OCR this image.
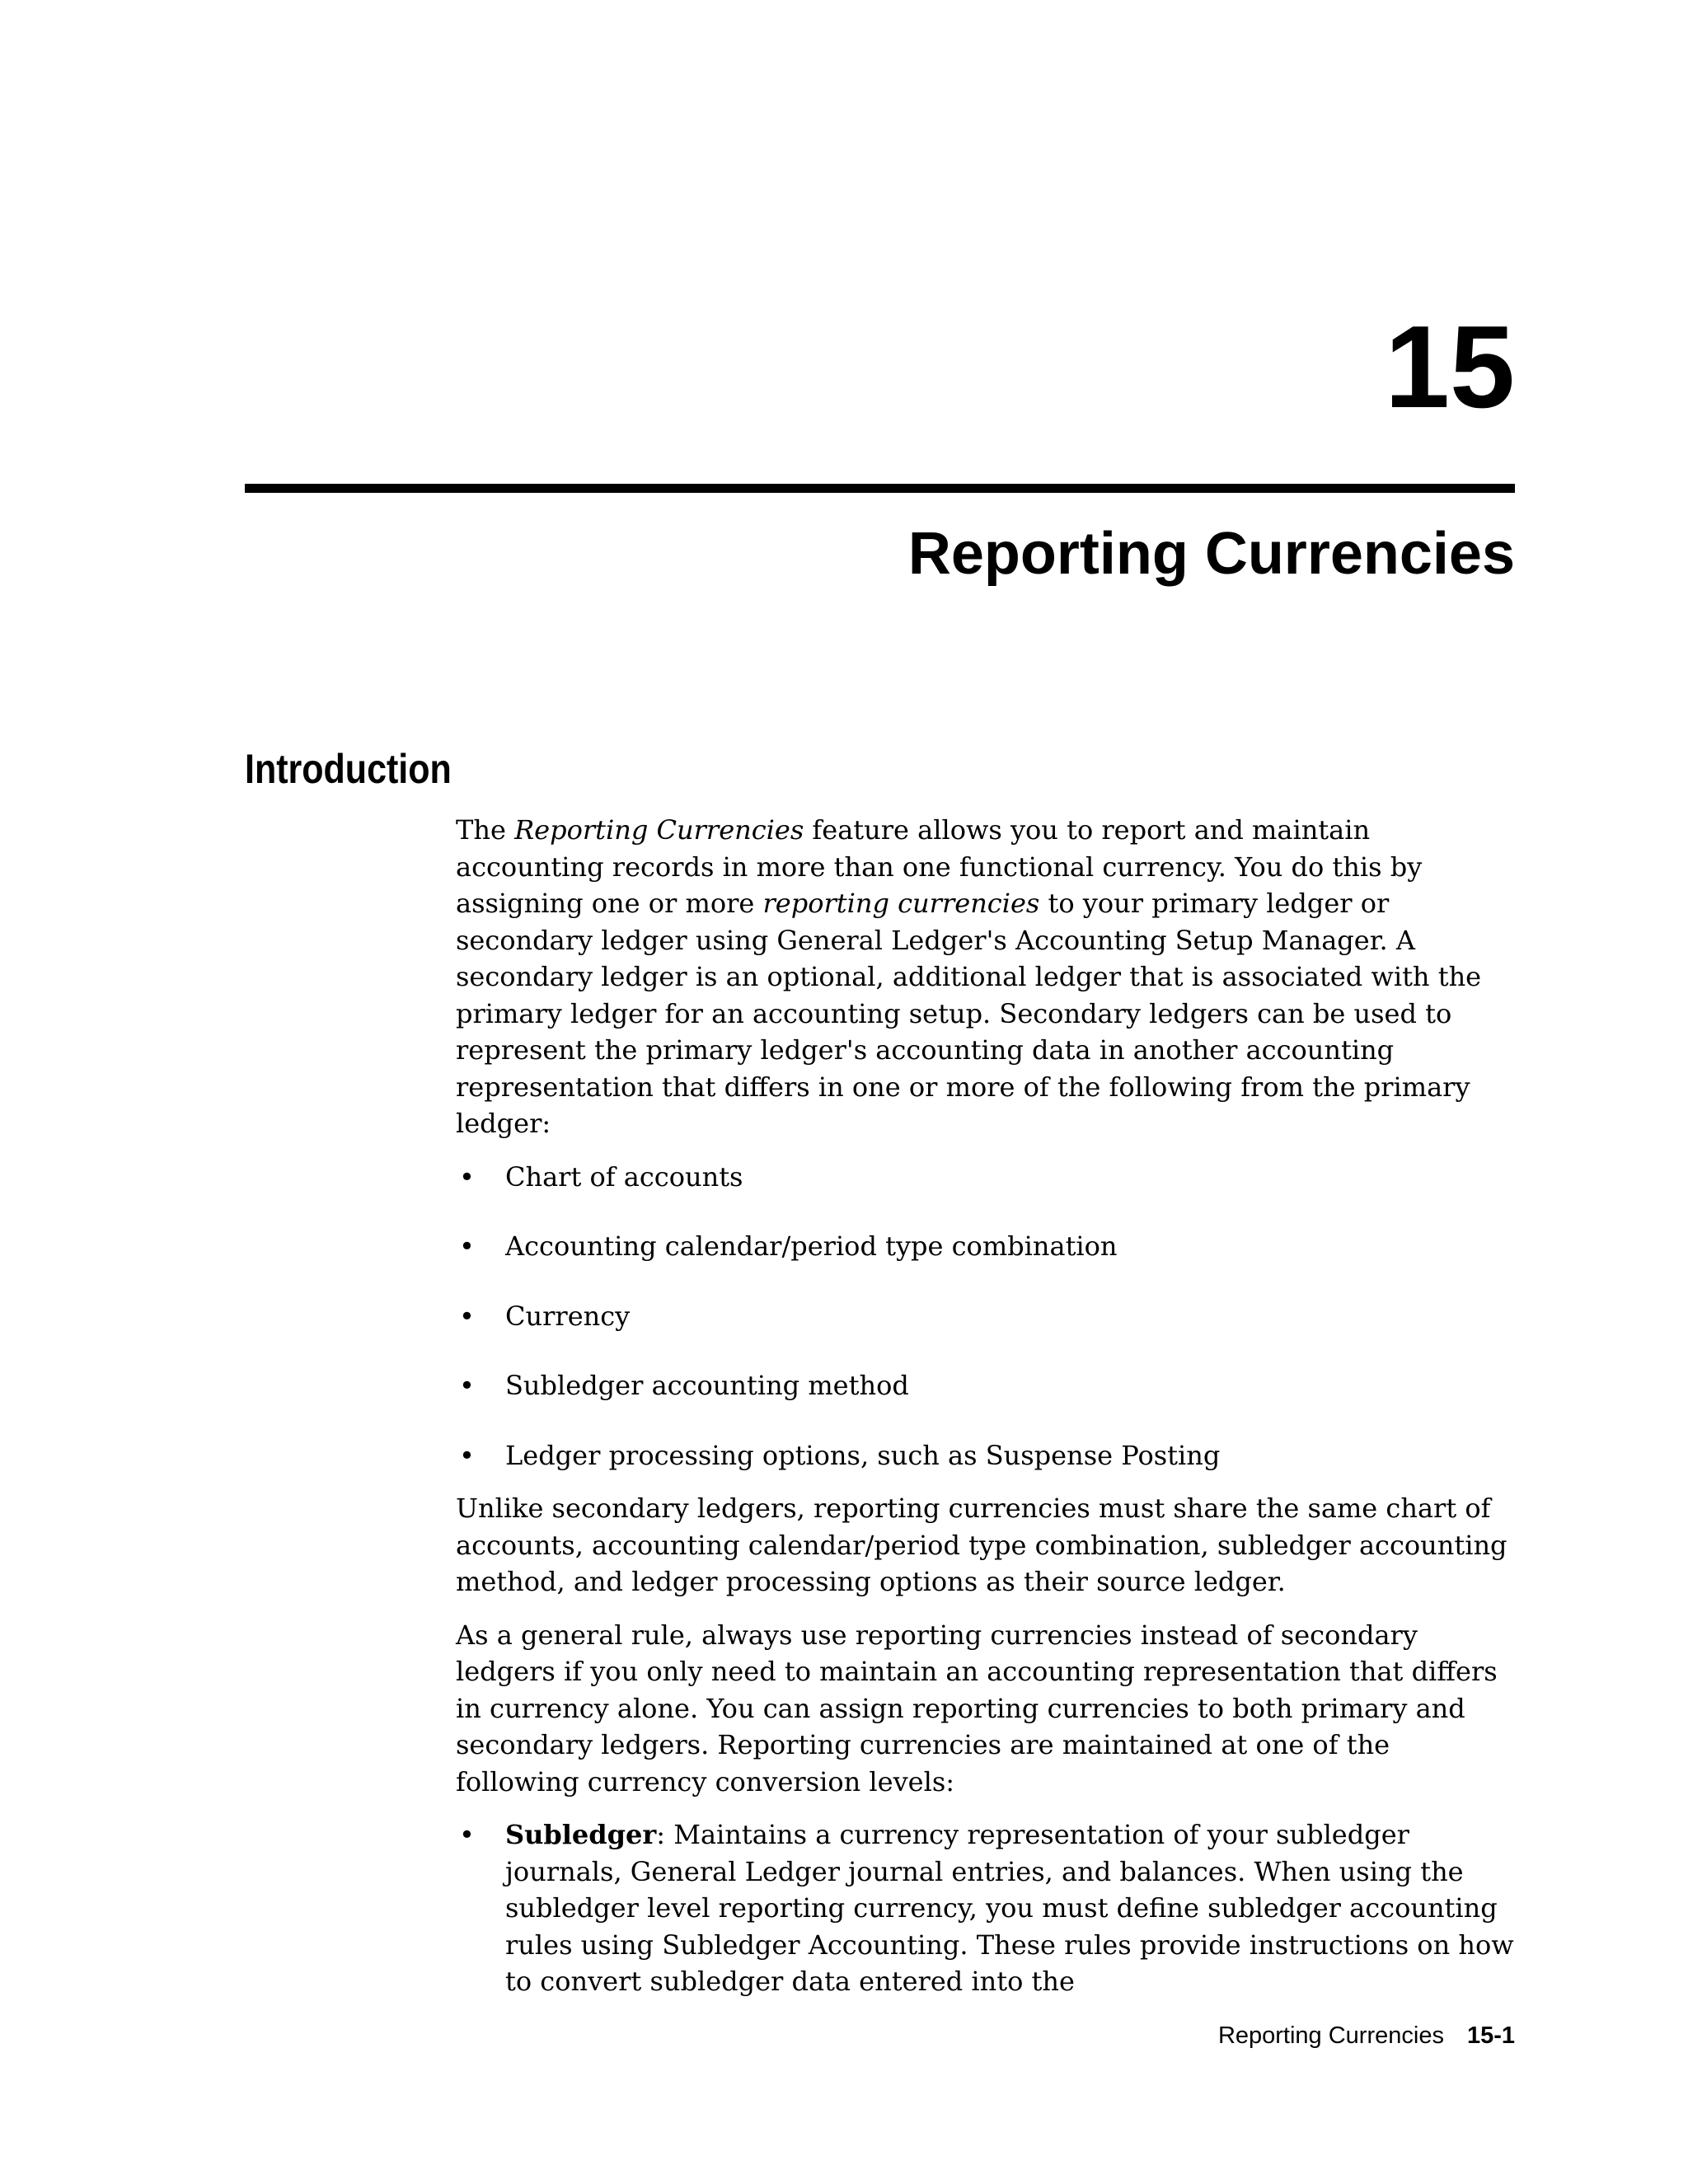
15
Reporting Currencies
Introduction

The Reporting Currencies feature allows you to report and maintain accounting records in more than one functional currency. You do this by assigning one or more reporting currencies to your primary ledger or secondary ledger using General Ledger's Accounting Setup Manager. A secondary ledger is an optional, additional ledger that is associated with the primary ledger for an accounting setup. Secondary ledgers can be used to represent the primary ledger's accounting data in another accounting representation that differs in one or more of the following from the primary ledger:

• Chart of accounts
• Accounting calendar/period type combination
• Currency
• Subledger accounting method
• Ledger processing options, such as Suspense Posting

Unlike secondary ledgers, reporting currencies must share the same chart of accounts, accounting calendar/period type combination, subledger accounting method, and ledger processing options as their source ledger.

As a general rule, always use reporting currencies instead of secondary ledgers if you only need to maintain an accounting representation that differs in currency alone. You can assign reporting currencies to both primary and secondary ledgers. Reporting currencies are maintained at one of the following currency conversion levels:

• Subledger: Maintains a currency representation of your subledger journals, General Ledger journal entries, and balances. When using the subledger level reporting currency, you must define subledger accounting rules using Subledger Accounting. These rules provide instructions on how to convert subledger data entered into the
Reporting Currencies 15-1
